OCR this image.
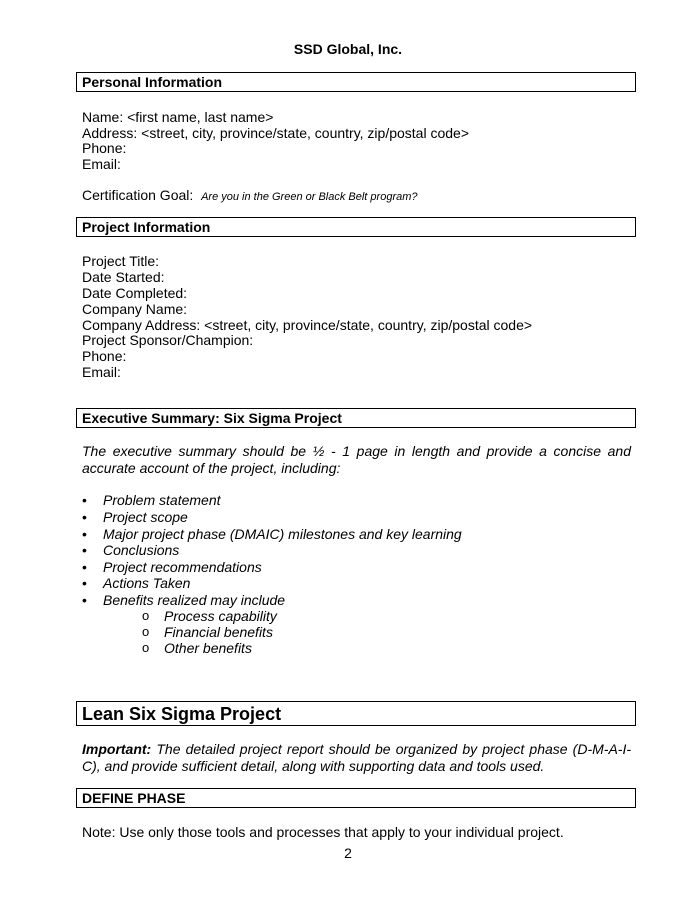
SSD Global, Inc.
Personal Information
Name: <first name, last name>
Address: <street, city, province/state, country, zip/postal code>
Phone:
Email:
Certification Goal: Are you in the Green or Black Belt program?
Project Information
Project Title:
Date Started:
Date Completed:
Company Name:
Company Address: <street, city, province/state, country, zip/postal code>
Project Sponsor/Champion:
Phone:
Email:
Executive Summary: Six Sigma Project
The executive summary should be ½ - 1 page in length and provide a concise and accurate account of the project, including:
• Problem statement
• Project scope
• Major project phase (DMAIC) milestones and key learning
• Conclusions
• Project recommendations
• Actions Taken
• Benefits realized may include
o Process capability
o Financial benefits
o Other benefits
Lean Six Sigma Project
Important: The detailed project report should be organized by project phase (D-M-A-I-C), and provide sufficient detail, along with supporting data and tools used.
DEFINE PHASE
Note: Use only those tools and processes that apply to your individual project.
2
